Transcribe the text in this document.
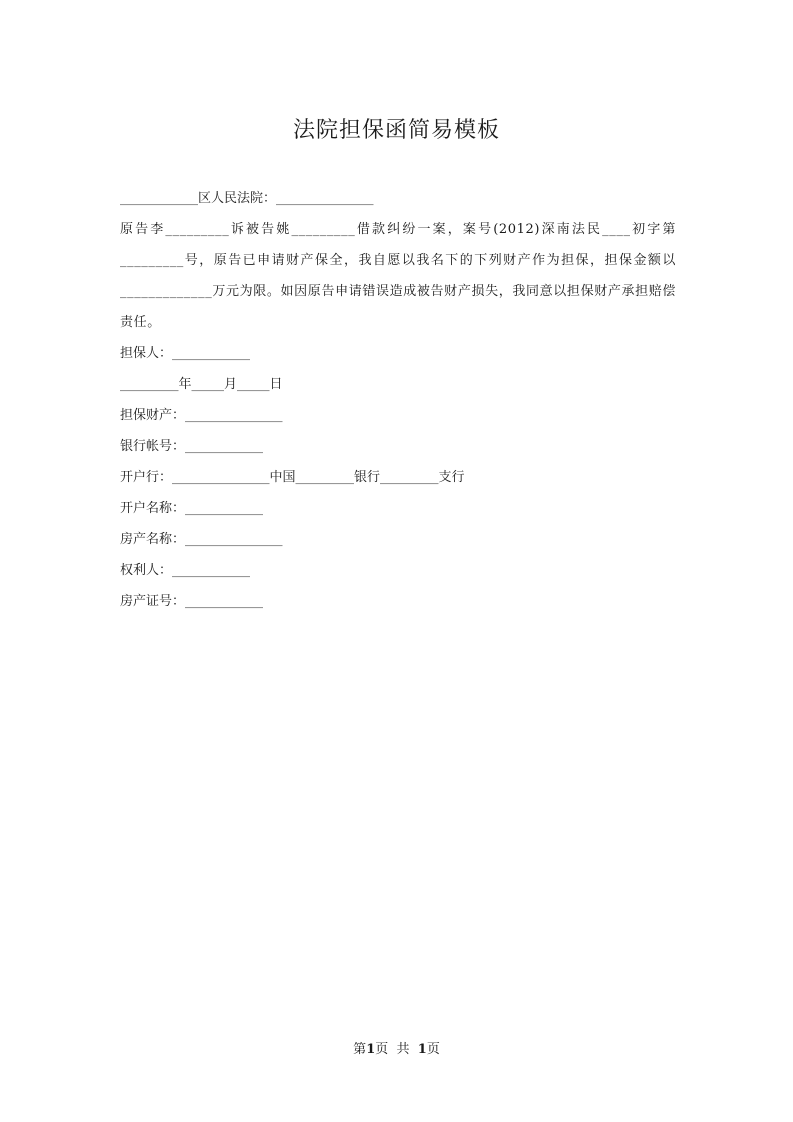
法院担保函简易模板
____________区人民法院：_______________

原告李_________诉被告姚_________借款纠纷一案，案号(2012)深南法民____初字第_________号，原告已申请财产保全，我自愿以我名下的下列财产作为担保，担保金额以_____________万元为限。如因原告申请错误造成被告财产损失，我同意以担保财产承担赔偿责任。

担保人：____________
_________年_____月_____日
担保财产：_______________
银行帐号：____________
开户行：_______________中国_________银行_________支行
开户名称：____________
房产名称：_______________
权利人：____________
房产证号：____________
第1页  共  1页
